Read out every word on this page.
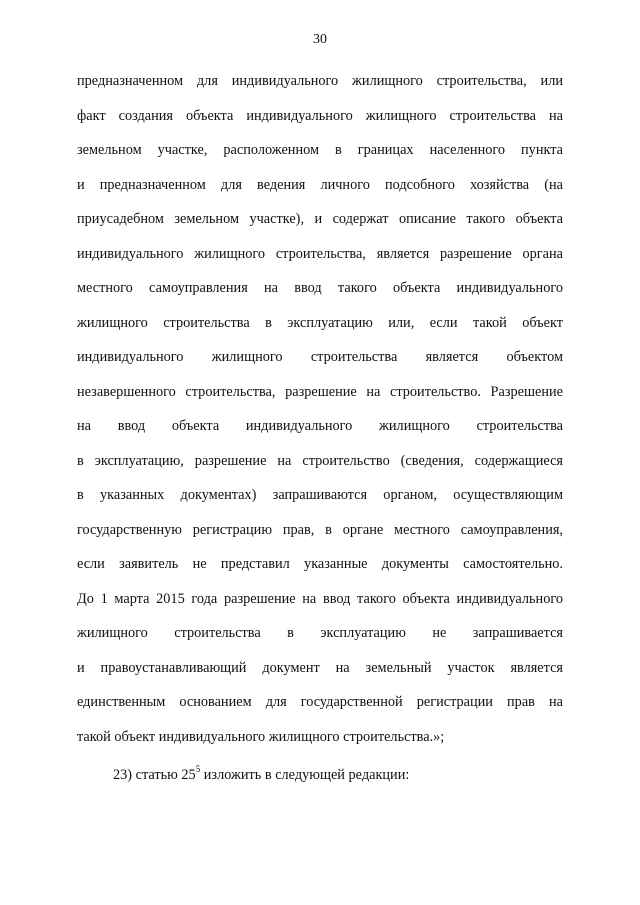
30
предназначенном для индивидуального жилищного строительства, или
факт создания объекта индивидуального жилищного строительства на
земельном участке, расположенном в границах населенного пункта
и предназначенном для ведения личного подсобного хозяйства (на
приусадебном земельном участке), и содержат описание такого объекта
индивидуального жилищного строительства, является разрешение органа
местного самоуправления на ввод такого объекта индивидуального
жилищного строительства в эксплуатацию или, если такой объект
индивидуального жилищного строительства является объектом
незавершенного строительства, разрешение на строительство. Разрешение
на ввод объекта индивидуального жилищного строительства
в эксплуатацию, разрешение на строительство (сведения, содержащиеся
в указанных документах) запрашиваются органом, осуществляющим
государственную регистрацию прав, в органе местного самоуправления,
если заявитель не представил указанные документы самостоятельно.
До 1 марта 2015 года разрешение на ввод такого объекта индивидуального
жилищного строительства в эксплуатацию не запрашивается
и правоустанавливающий документ на земельный участок является
единственным основанием для государственной регистрации прав на
такой объект индивидуального жилищного строительства.»;
23) статью $25^5$ изложить в следующей редакции:
